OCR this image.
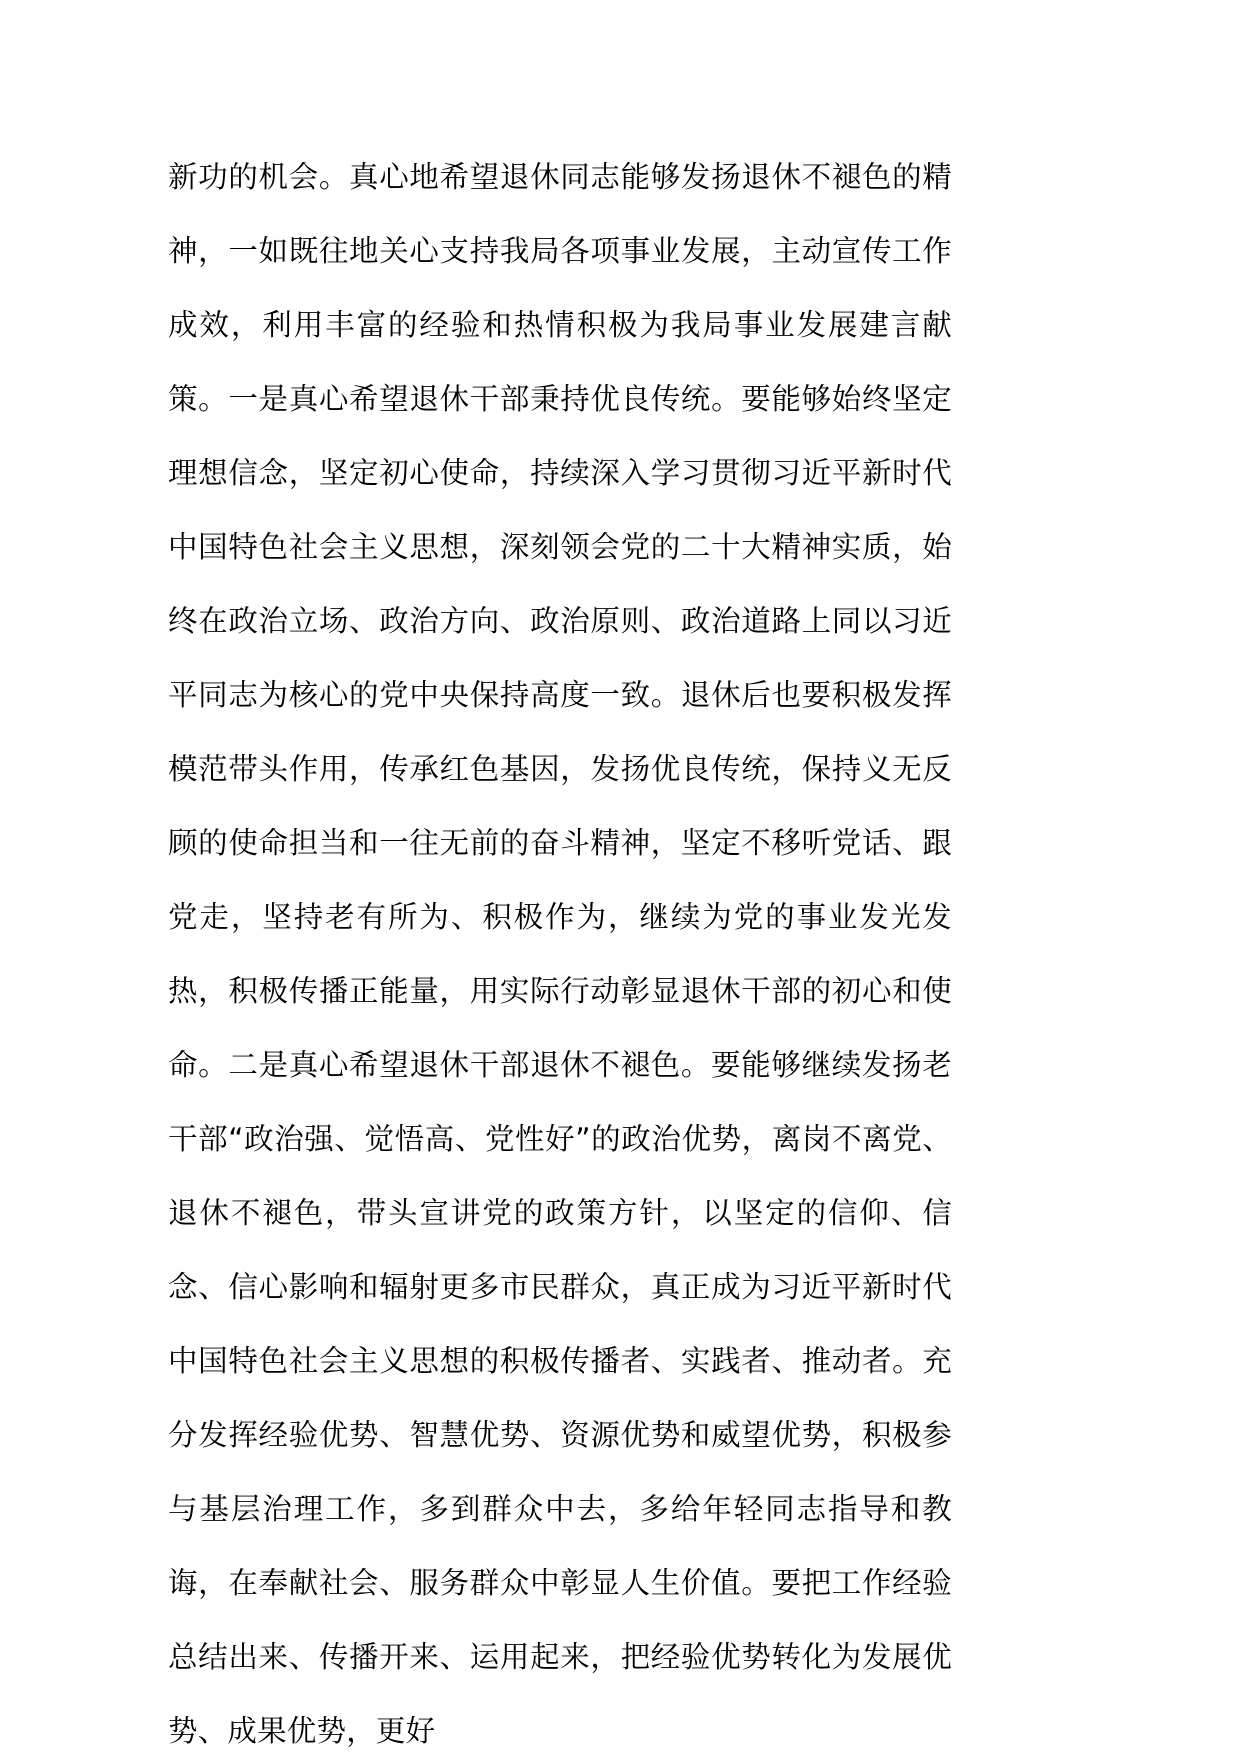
新功的机会。真心地希望退休同志能够发扬退休不褪色的精神，一如既往地关心支持我局各项事业发展，主动宣传工作成效，利用丰富的经验和热情积极为我局事业发展建言献策。一是真心希望退休干部秉持优良传统。要能够始终坚定理想信念，坚定初心使命，持续深入学习贯彻习近平新时代中国特色社会主义思想，深刻领会党的二十大精神实质，始终在政治立场、政治方向、政治原则、政治道路上同以习近平同志为核心的党中央保持高度一致。退休后也要积极发挥模范带头作用，传承红色基因，发扬优良传统，保持义无反顾的使命担当和一往无前的奋斗精神，坚定不移听党话、跟党走，坚持老有所为、积极作为，继续为党的事业发光发热，积极传播正能量，用实际行动彰显退休干部的初心和使命。二是真心希望退休干部退休不褪色。要能够继续发扬老干部“政治强、觉悟高、党性好”的政治优势，离岗不离党、退休不褪色，带头宣讲党的政策方针，以坚定的信仰、信念、信心影响和辐射更多市民群众，真正成为习近平新时代中国特色社会主义思想的积极传播者、实践者、推动者。充分发挥经验优势、智慧优势、资源优势和威望优势，积极参与基层治理工作，多到群众中去，多给年轻同志指导和教诲，在奉献社会、服务群众中彰显人生价值。要把工作经验总结出来、传播开来、运用起来，把经验优势转化为发展优势、成果优势，更好
